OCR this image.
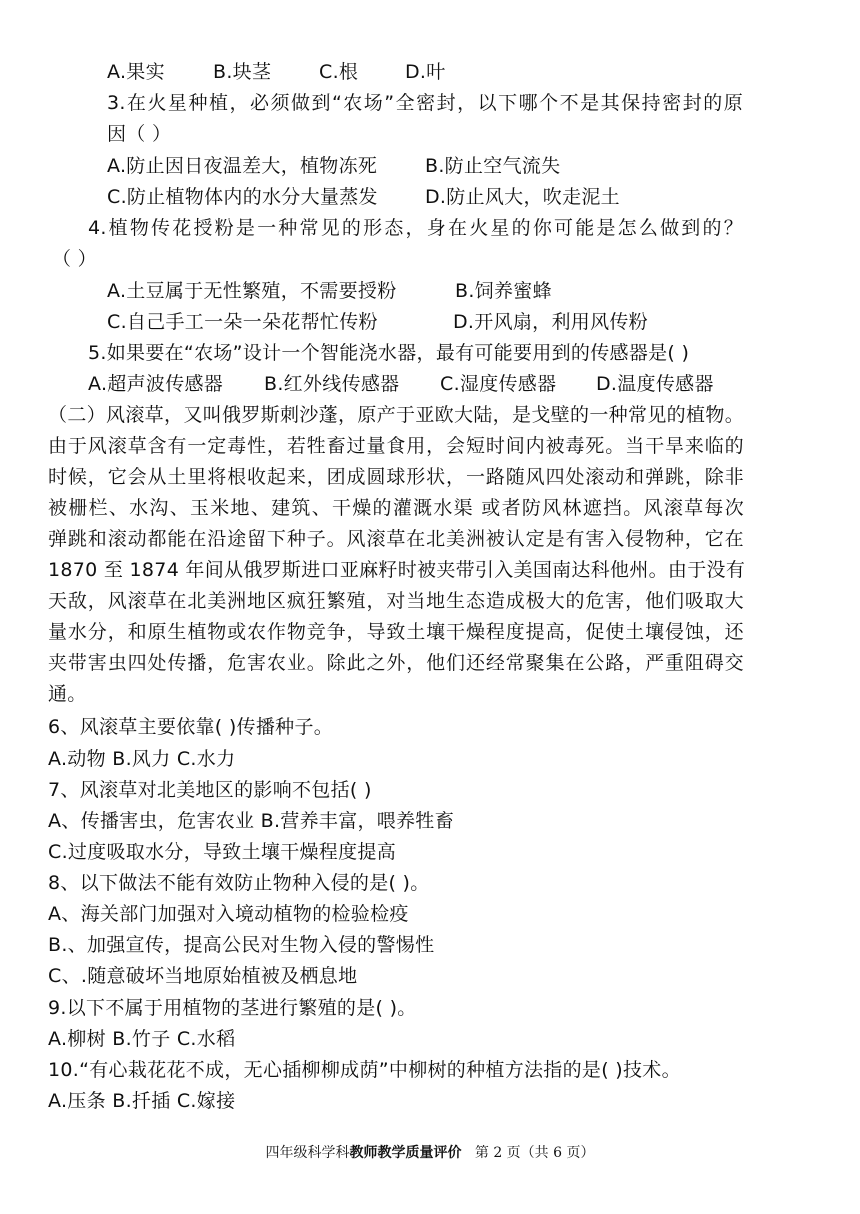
A.果实	B.块茎	C.根 D.叶
3.在火星种植，必须做到“农场”全密封，以下哪个不是其保持密封的原
因（ ）
A.防止因日夜温差大，植物冻死	B.防止空气流失
C.防止植物体内的水分大量蒸发 D.防止风大，吹走泥土
4.植物传花授粉是一种常见的形态，身在火星的你可能是怎么做到的？
（ ）
A.土豆属于无性繁殖，不需要授粉	B.饲养蜜蜂
C.自己手工一朵一朵花帮忙传粉	D.开风扇，利用风传粉
5.如果要在“农场”设计一个智能浇水器，最有可能要用到的传感器是( )
A.超声波传感器 B.红外线传感器 C.湿度传感器 D.温度传感器
（二）风滚草，又叫俄罗斯刺沙蓬，原产于亚欧大陆，是戈壁的一种常见的植物。
由于风滚草含有一定毒性，若牲畜过量食用，会短时间内被毒死。当干旱来临的
时候，它会从土里将根收起来，团成圆球形状，一路随风四处滚动和弹跳，除非
被栅栏、水沟、玉米地、建筑、干燥的灌溉水渠 或者防风林遮挡。风滚草每次
弹跳和滚动都能在沿途留下种子。风滚草在北美洲被认定是有害入侵物种，它在
1870 至 1874 年间从俄罗斯进口亚麻籽时被夹带引入美国南达科他州。由于没有
天敌，风滚草在北美洲地区疯狂繁殖，对当地生态造成极大的危害，他们吸取大
量水分，和原生植物或农作物竞争，导致土壤干燥程度提高，促使土壤侵蚀，还
夹带害虫四处传播，危害农业。除此之外，他们还经常聚集在公路，严重阻碍交
通。
6、风滚草主要依靠( )传播种子。
A.动物 B.风力 C.水力
7、风滚草对北美地区的影响不包括( )
A、传播害虫，危害农业 B.营养丰富，喂养牲畜
C.过度吸取水分，导致土壤干燥程度提高
8、以下做法不能有效防止物种入侵的是( )。
A、海关部门加强对入境动植物的检验检疫
B.、加强宣传，提高公民对生物入侵的警惕性
C、.随意破坏当地原始植被及栖息地
9.以下不属于用植物的茎进行繁殖的是( )。
A.柳树 B.竹子 C.水稻
10.“有心栽花花不成，无心插柳柳成荫”中柳树的种植方法指的是( )技术。
A.压条 B.扦插 C.嫁接
四年级科学科教师教学质量评价   第 2 页（共 6 页）
